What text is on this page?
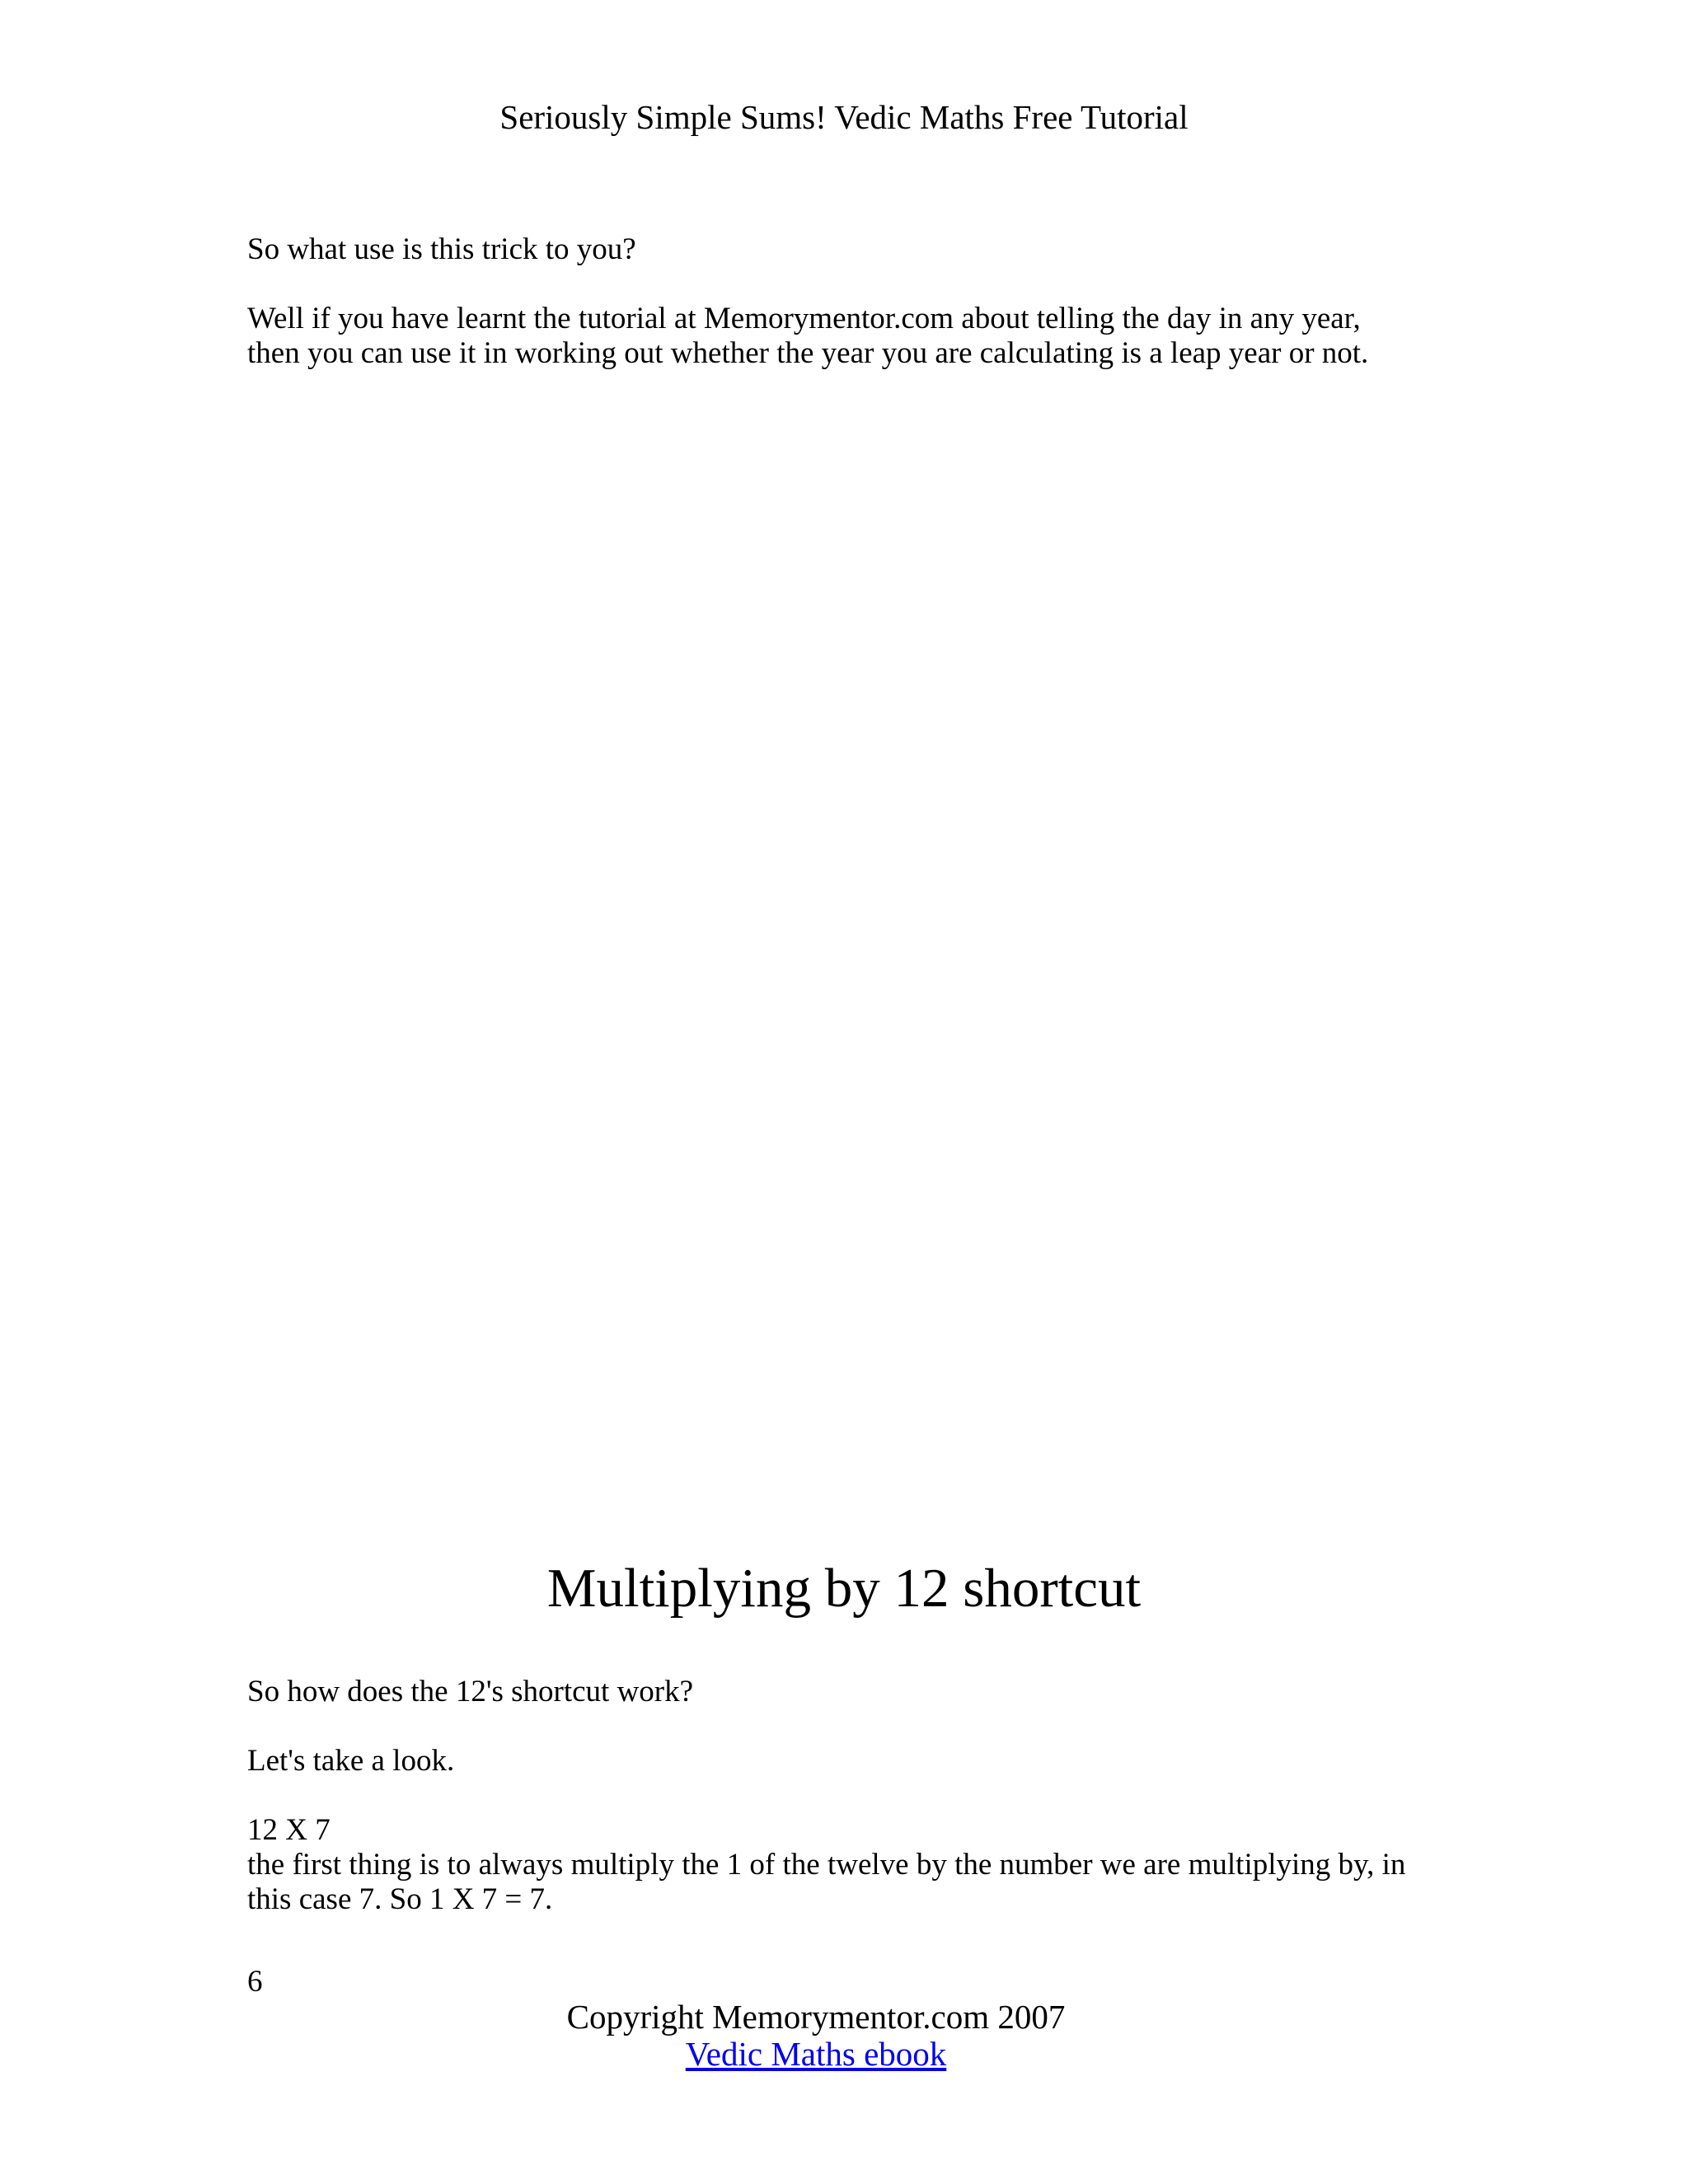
Seriously Simple Sums! Vedic Maths Free Tutorial

So what use is this trick to you?

Well if you have learnt the tutorial at Memorymentor.com about telling the day in any year, then you can use it in working out whether the year you are calculating is a leap year or not.

Multiplying by 12 shortcut

So how does the 12's shortcut work?

Let's take a look.

12 X 7

the first thing is to always multiply the 1 of the twelve by the number we are multiplying by, in this case 7. So 1 X 7 = 7.

6
Copyright Memorymentor.com 2007
Vedic Maths ebook
